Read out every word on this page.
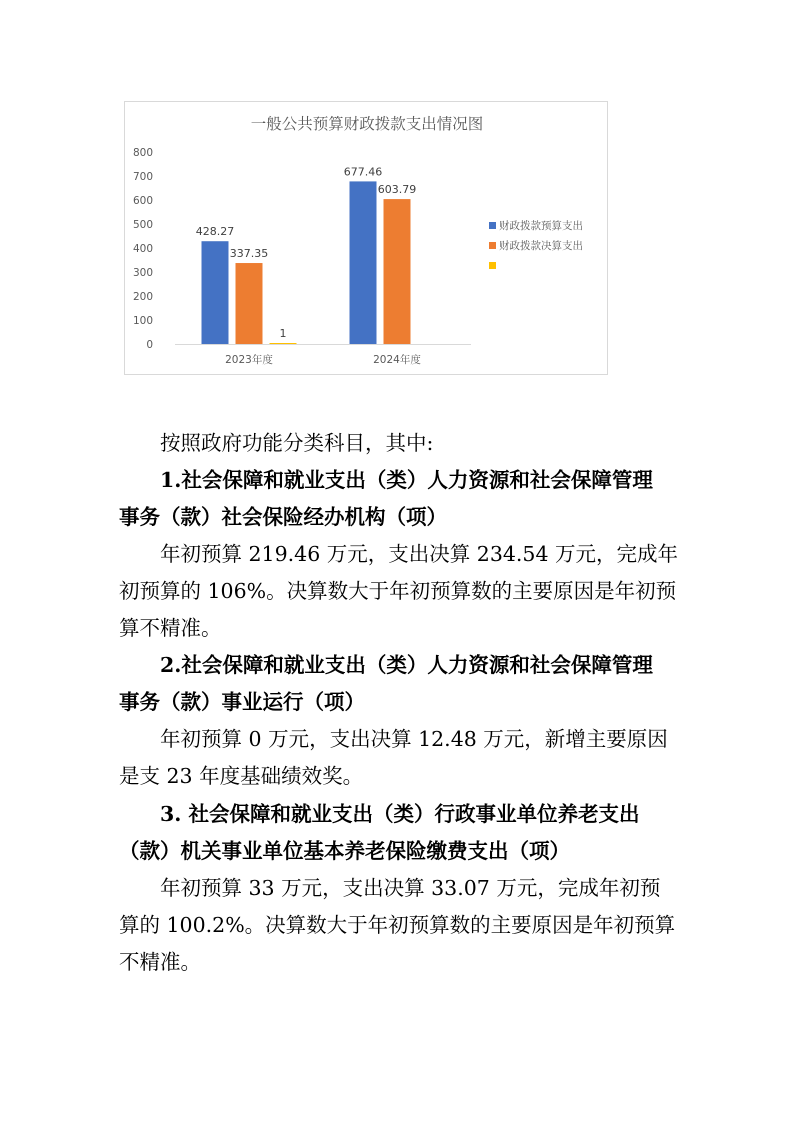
一般公共预算财政拨款支出情况图
800
700
600
500
400
300
200
100
0
2023年度
428.27
337.35
1
2024年度
677.46
603.79
财政拨款预算支出
财政拨款决算支出

按照政府功能分类科目，其中:

1.社会保障和就业支出（类）人力资源和社会保障管理

事务（款）社会保险经办机构（项）

年初预算 219.46 万元，支出决算 234.54 万元，完成年

初预算的 106%。决算数大于年初预算数的主要原因是年初预

算不精准。

2.社会保障和就业支出（类）人力资源和社会保障管理

事务（款）事业运行（项）

年初预算 0 万元，支出决算 12.48 万元，新增主要原因

是支 23 年度基础绩效奖。

3. 社会保障和就业支出（类）行政事业单位养老支出

（款）机关事业单位基本养老保险缴费支出（项）

年初预算 33 万元，支出决算 33.07 万元，完成年初预

算的 100.2%。决算数大于年初预算数的主要原因是年初预算

不精准。
